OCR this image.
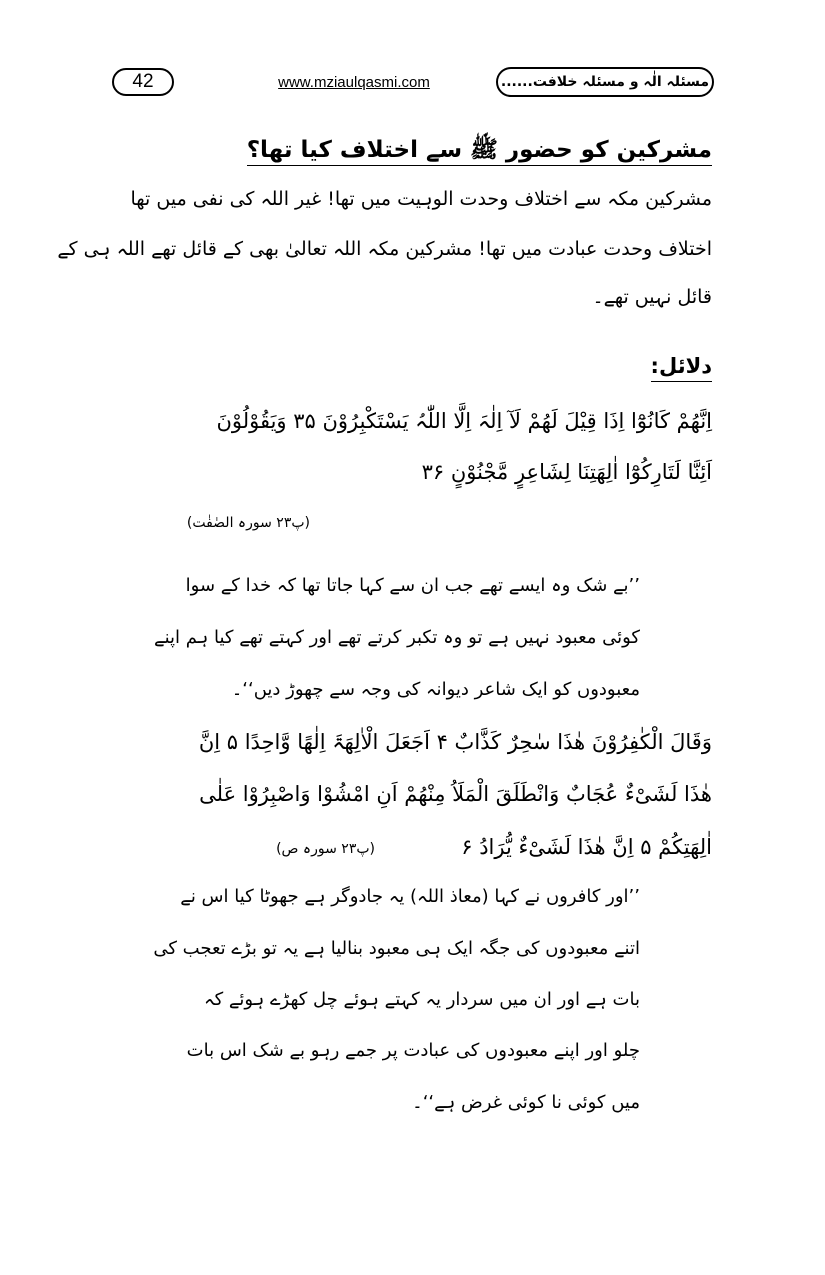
42	www.mziaulqasmi.com	مسئلہ الٰہ و مسئلہ خلافت......
مشرکین کو حضور ﷺ سے اختلاف کیا تھا؟
مشرکین مکہ سے اختلاف وحدت الوہیت میں تھا! غیر اللہ کی نفی میں تھا
اختلاف وحدت عبادت میں تھا! مشرکین مکہ اللہ تعالیٰ بھی کے قائل تھے اللہ ہی کے
قائل نہیں تھے۔
دلائل:
اِنَّھُمْ کَانُوْٓا اِذَا قِیْلَ لَھُمْ لَآ اِلٰہَ اِلَّا اللّٰہُ یَسْتَکْبِرُوْنَ ۳۵ وَیَقُوْلُوْنَ
اَئِنَّا لَتَارِکُوْٓا اٰلِھَتِنَا لِشَاعِرٍ مَّجْنُوْنٍ ۳۶
(پ۲۳ سورہ الصٰفٰت)
’’بے شک وہ ایسے تھے جب ان سے کہا جاتا تھا کہ خدا کے سوا
کوئی معبود نہیں ہے تو وہ تکبر کرتے تھے اور کہتے تھے کیا ہم اپنے
معبودوں کو ایک شاعر دیوانہ کی وجہ سے چھوڑ دیں‘‘۔
وَقَالَ الْکٰفِرُوْنَ ھٰذَا سٰحِرٌ کَذَّابٌ ۴ اَجَعَلَ الْاٰلِھَۃَ اِلٰھًا وَّاحِدًا ۵ اِنَّ
ھٰذَا لَشَیْءٌ عُجَابٌ وَانْطَلَقَ الْمَلَاُ مِنْھُمْ اَنِ امْشُوْا وَاصْبِرُوْا عَلٰی
اٰلِھَتِکُمْ ۵ اِنَّ ھٰذَا لَشَیْءٌ یُّرَادُ ۶
(پ۲۳ سورہ ص)
’’اور کافروں نے کہا (معاذ اللہ) یہ جادوگر ہے جھوٹا کیا اس نے
اتنے معبودوں کی جگہ ایک ہی معبود بنالیا ہے یہ تو بڑے تعجب کی
بات ہے اور ان میں سردار یہ کہتے ہوئے چل کھڑے ہوئے کہ
چلو اور اپنے معبودوں کی عبادت پر جمے رہو بے شک اس بات
میں کوئی نا کوئی غرض ہے‘‘۔
